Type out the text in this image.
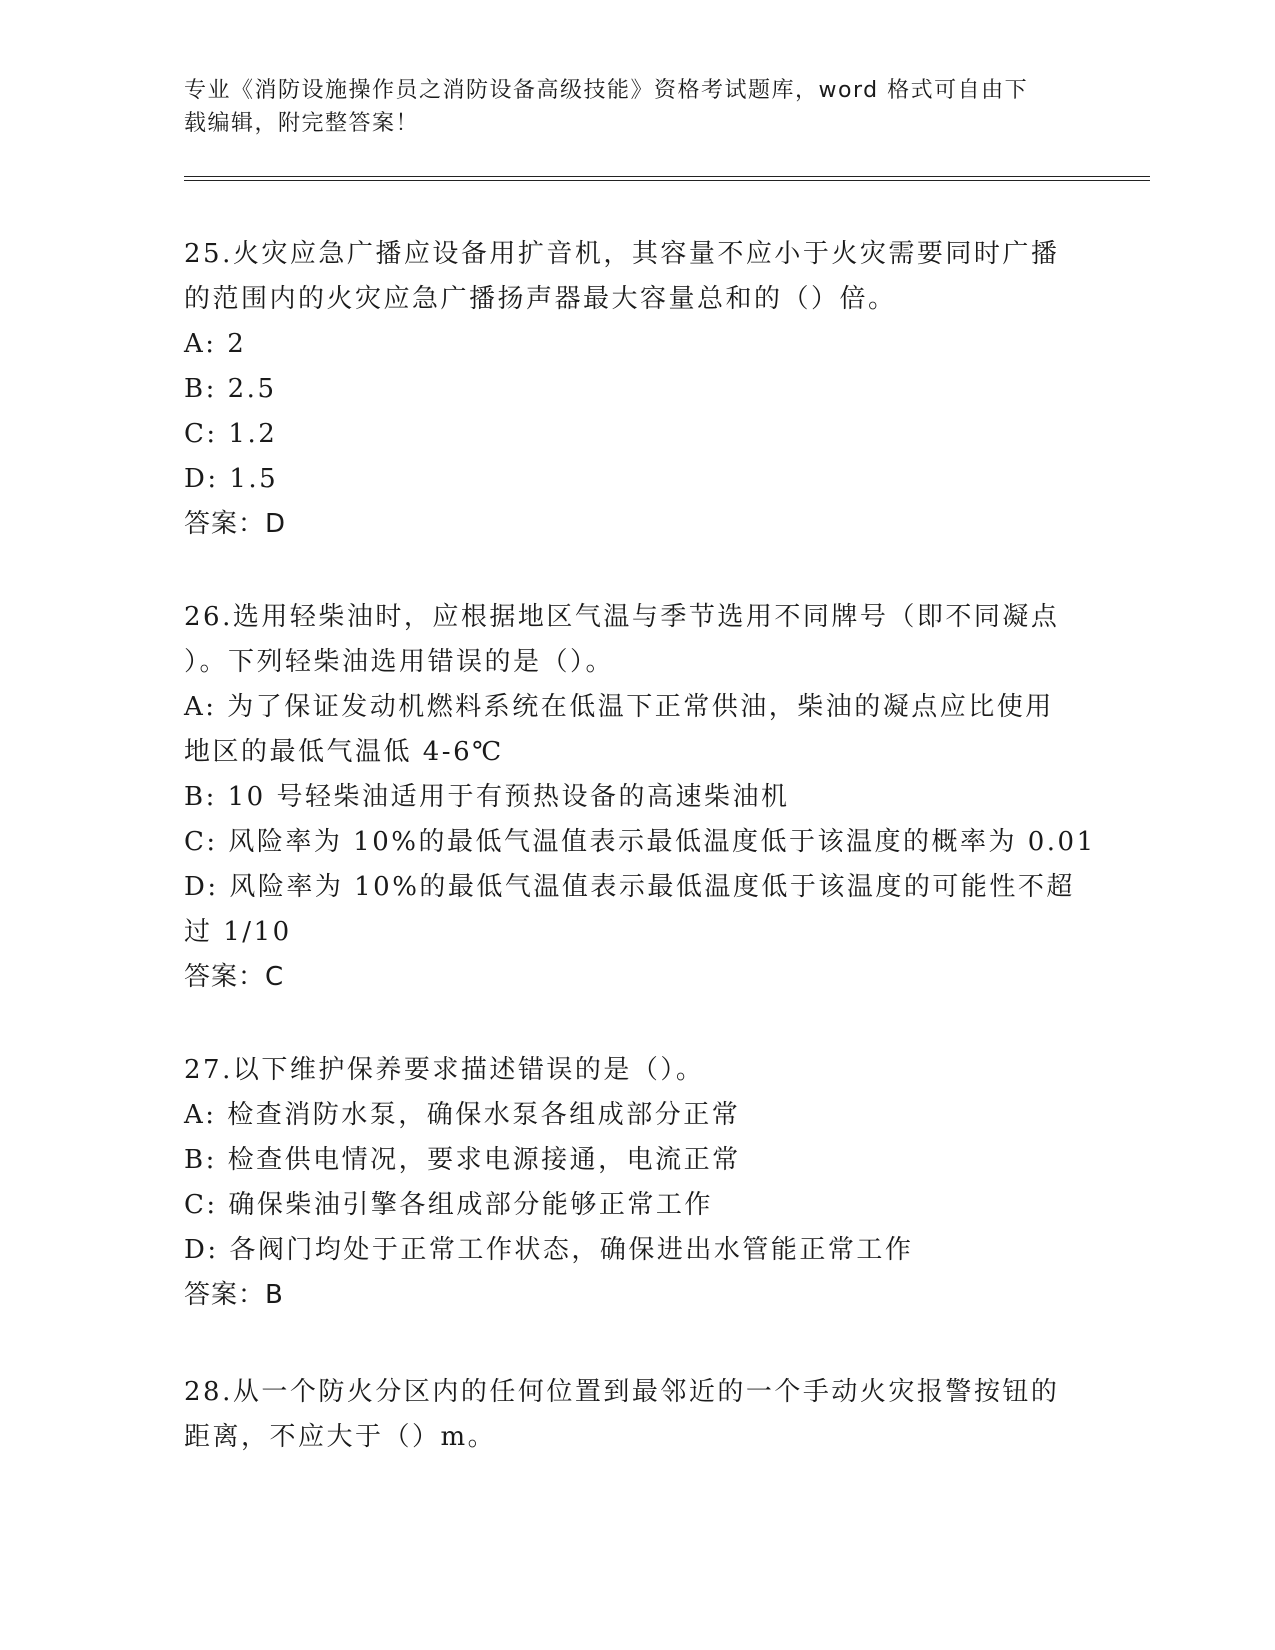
专业《消防设施操作员之消防设备高级技能》资格考试题库，word 格式可自由下
载编辑，附完整答案！
25.火灾应急广播应设备用扩音机，其容量不应小于火灾需要同时广播
的范围内的火灾应急广播扬声器最大容量总和的（）倍。
A: 2
B: 2.5
C: 1.2
D: 1.5
答案：D
26.选用轻柴油时，应根据地区气温与季节选用不同牌号（即不同凝点
）。下列轻柴油选用错误的是（）。
A: 为了保证发动机燃料系统在低温下正常供油，柴油的凝点应比使用
地区的最低气温低 4-6℃
B: 10 号轻柴油适用于有预热设备的高速柴油机
C: 风险率为 10%的最低气温值表示最低温度低于该温度的概率为 0.01
D: 风险率为 10%的最低气温值表示最低温度低于该温度的可能性不超
过 1/10
答案：C
27.以下维护保养要求描述错误的是（）。
A: 检查消防水泵，确保水泵各组成部分正常
B: 检查供电情况，要求电源接通，电流正常
C: 确保柴油引擎各组成部分能够正常工作
D: 各阀门均处于正常工作状态，确保进出水管能正常工作
答案：B
28.从一个防火分区内的任何位置到最邻近的一个手动火灾报警按钮的
距离，不应大于（）m。
